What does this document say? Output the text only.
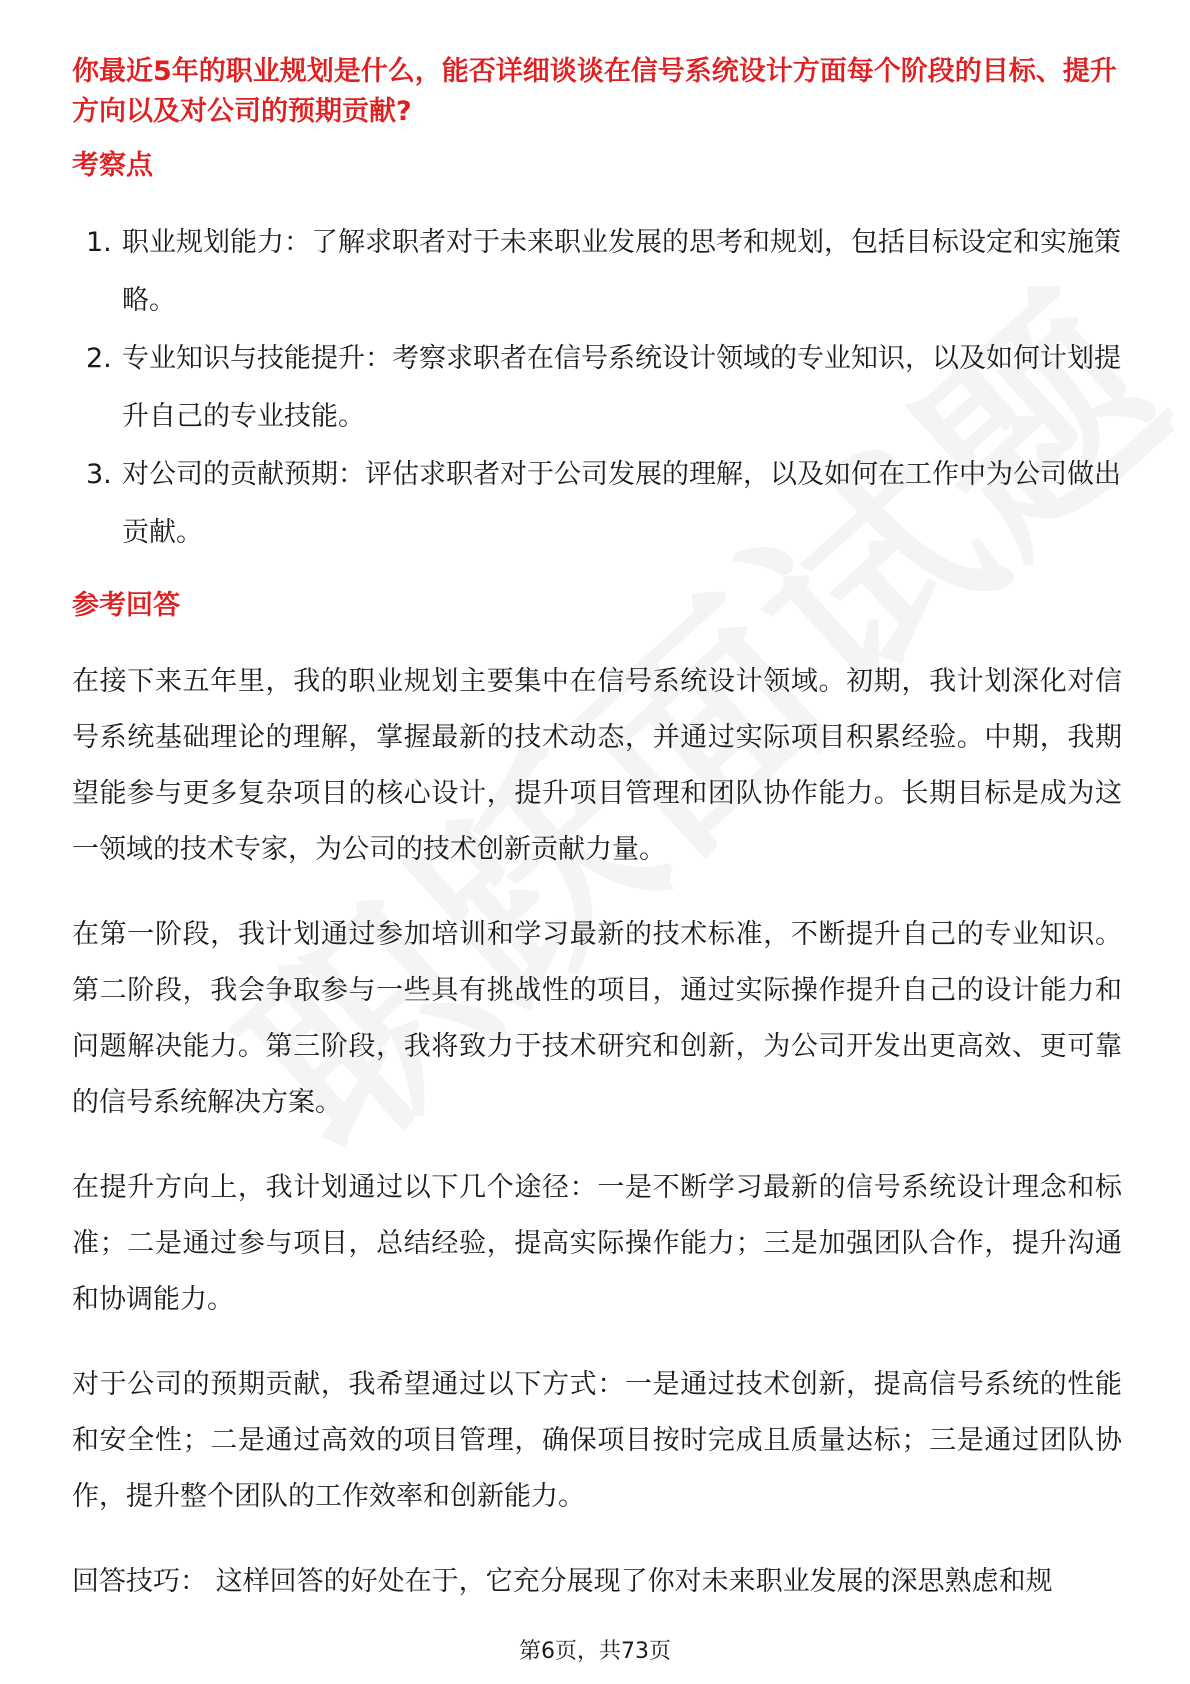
你最近5年的职业规划是什么，能否详细谈谈在信号系统设计方面每个阶段的目标、提升方向以及对公司的预期贡献?
考察点
1. 职业规划能力：了解求职者对于未来职业发展的思考和规划，包括目标设定和实施策略。
2. 专业知识与技能提升：考察求职者在信号系统设计领域的专业知识，以及如何计划提升自己的专业技能。
3. 对公司的贡献预期：评估求职者对于公司发展的理解，以及如何在工作中为公司做出贡献。
参考回答

在接下来五年里，我的职业规划主要集中在信号系统设计领域。初期，我计划深化对信号系统基础理论的理解，掌握最新的技术动态，并通过实际项目积累经验。中期，我期望能参与更多复杂项目的核心设计，提升项目管理和团队协作能力。长期目标是成为这一领域的技术专家，为公司的技术创新贡献力量。

在第一阶段，我计划通过参加培训和学习最新的技术标准，不断提升自己的专业知识。第二阶段，我会争取参与一些具有挑战性的项目，通过实际操作提升自己的设计能力和问题解决能力。第三阶段，我将致力于技术研究和创新，为公司开发出更高效、更可靠的信号系统解决方案。

在提升方向上，我计划通过以下几个途径：一是不断学习最新的信号系统设计理念和标准；二是通过参与项目，总结经验，提高实际操作能力；三是加强团队合作，提升沟通和协调能力。

对于公司的预期贡献，我希望通过以下方式：一是通过技术创新，提高信号系统的性能和安全性；二是通过高效的项目管理，确保项目按时完成且质量达标；三是通过团队协作，提升整个团队的工作效率和创新能力。

回答技巧： 这样回答的好处在于，它充分展现了你对未来职业发展的深思熟虑和规

第6页，共73页
